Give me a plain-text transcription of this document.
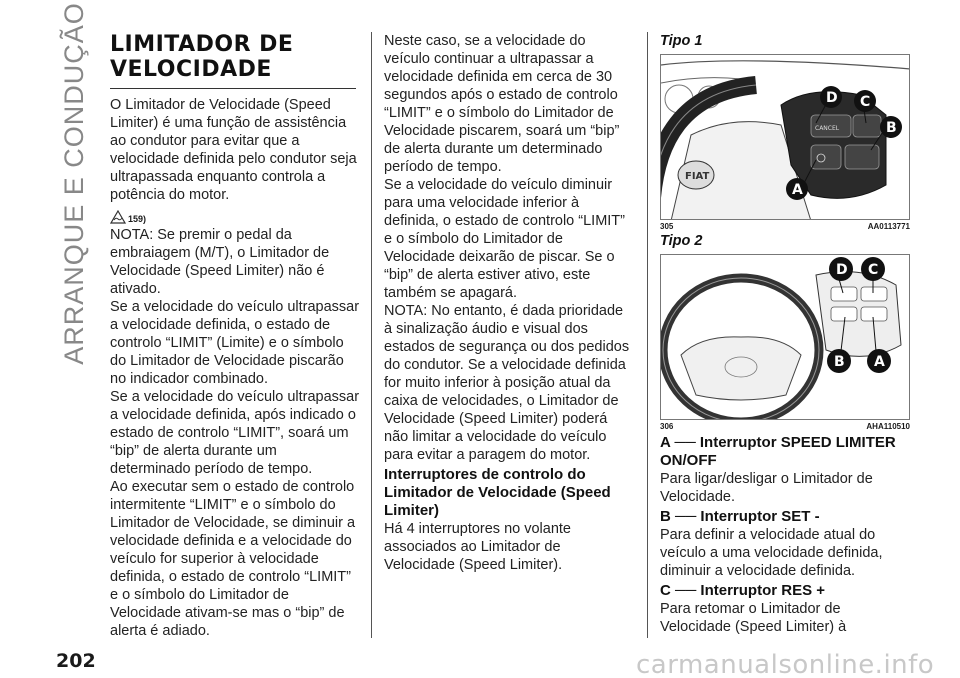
ARRANQUE E CONDUÇÃO LIMITADOR DE VELOCIDADE

O Limitador de Velocidade (Speed Limiter) é uma função de assistência ao condutor para evitar que a velocidade definida pelo condutor seja ultrapassada enquanto controla a potência do motor.

159)

NOTA: Se premir o pedal da embraiagem (M/T), o Limitador de Velocidade (Speed Limiter) não é ativado.

Se a velocidade do veículo ultrapassar a velocidade definida, o estado de controlo “LIMIT” (Limite) e o símbolo do Limitador de Velocidade piscarão no indicador combinado.

Se a velocidade do veículo ultrapassar a velocidade definida, após indicado o estado de controlo “LIMIT”, soará um “bip” de alerta durante um determinado período de tempo.

Ao executar sem o estado de controlo intermitente “LIMIT” e o símbolo do Limitador de Velocidade, se diminuir a velocidade definida e a velocidade do veículo for superior à velocidade definida, o estado de controlo “LIMIT” e o símbolo do Limitador de Velocidade ativam-se mas o “bip” de alerta é adiado.

Neste caso, se a velocidade do veículo continuar a ultrapassar a velocidade definida em cerca de 30 segundos após o estado de controlo “LIMIT” e o símbolo do Limitador de Velocidade piscarem, soará um “bip” de alerta durante um determinado período de tempo.

Se a velocidade do veículo diminuir para uma velocidade inferior à definida, o estado de controlo “LIMIT” e o símbolo do Limitador de Velocidade deixarão de piscar. Se o “bip” de alerta estiver ativo, este também se apagará.

NOTA: No entanto, é dada prioridade à sinalização áudio e visual dos estados de segurança ou dos pedidos do condutor. Se a velocidade definida for muito inferior à posição atual da caixa de velocidades, o Limitador de Velocidade (Speed Limiter) poderá não limitar a velocidade do veículo para evitar a paragem do motor.

Interruptores de controlo do Limitador de Velocidade (Speed Limiter)

Há 4 interruptores no volante associados ao Limitador de Velocidade (Speed Limiter).

Tipo 1
FIAT
CANCEL
D C
B
A
305	AA0113771
Tipo 2
D C
B A
306	AHA110510
A ── Interruptor SPEED LIMITER ON/OFF

Para ligar/desligar o Limitador de Velocidade.

B ── Interruptor SET -

Para definir a velocidade atual do veículo a uma velocidade definida, diminuir a velocidade definida.

C ── Interruptor RES +

Para retomar o Limitador de Velocidade (Speed Limiter) à

202	carmanualsonline.info
